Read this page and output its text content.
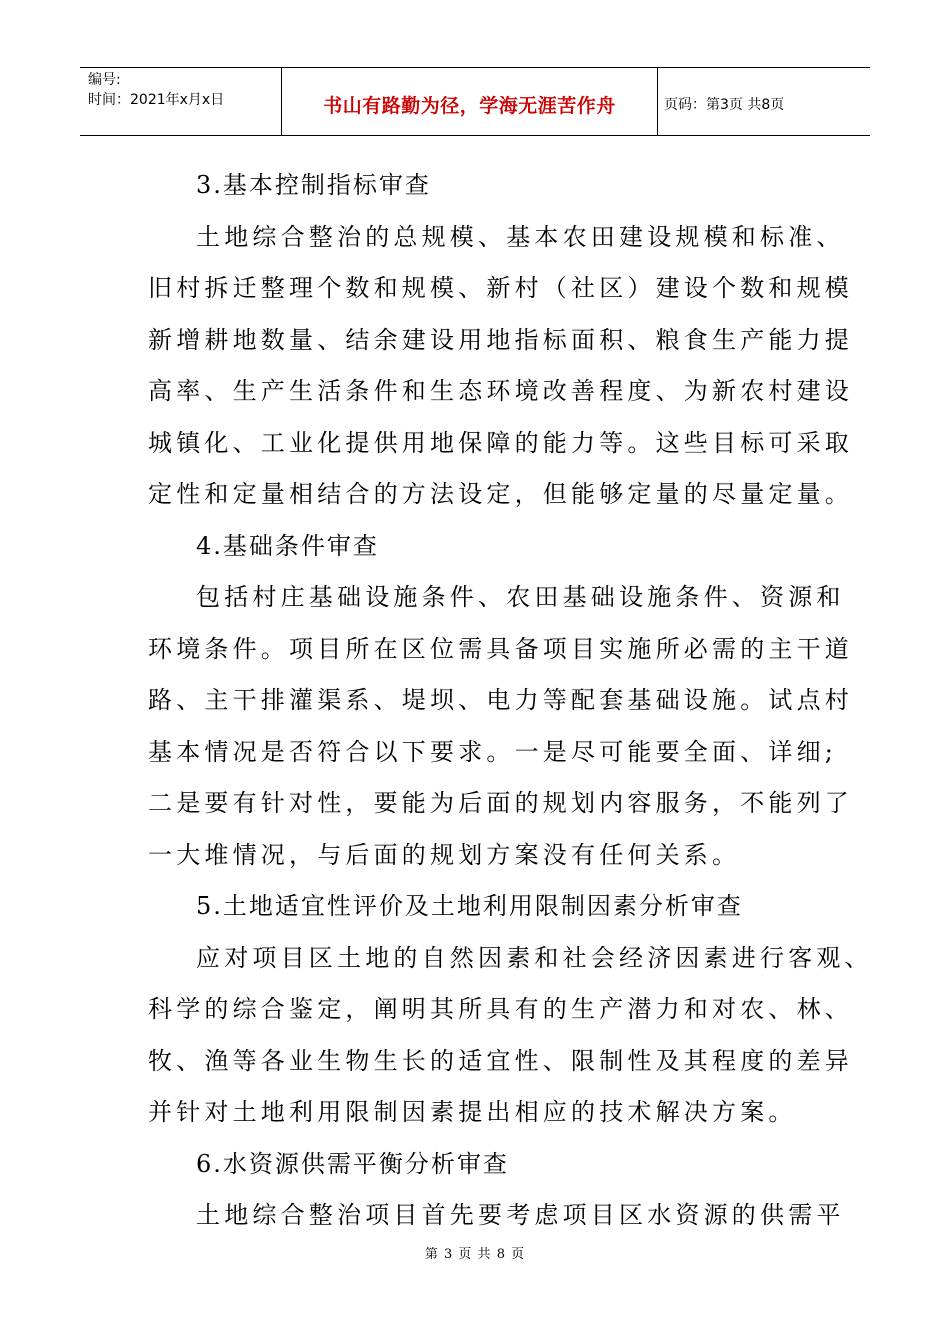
编号:
时间：2021年x月x日	书山有路勤为径，学海无涯苦作舟	页码：第3页 共8页
3.基本控制指标审查
土地综合整治的总规模、基本农田建设规模和标准、
旧村拆迁整理个数和规模、新村（社区）建设个数和规模
新增耕地数量、结余建设用地指标面积、粮食生产能力提
高率、生产生活条件和生态环境改善程度、为新农村建设
城镇化、工业化提供用地保障的能力等。这些目标可采取
定性和定量相结合的方法设定，但能够定量的尽量定量。
4.基础条件审查
包括村庄基础设施条件、农田基础设施条件、资源和
环境条件。项目所在区位需具备项目实施所必需的主干道
路、主干排灌渠系、堤坝、电力等配套基础设施。试点村
基本情况是否符合以下要求。一是尽可能要全面、详细;
二是要有针对性，要能为后面的规划内容服务，不能列了
一大堆情况，与后面的规划方案没有任何关系。
5.土地适宜性评价及土地利用限制因素分析审查
应对项目区土地的自然因素和社会经济因素进行客观、
科学的综合鉴定，阐明其所具有的生产潜力和对农、林、
牧、渔等各业生物生长的适宜性、限制性及其程度的差异
并针对土地利用限制因素提出相应的技术解决方案。
6.水资源供需平衡分析审查
土地综合整治项目首先要考虑项目区水资源的供需平
第 3 页 共 8 页
